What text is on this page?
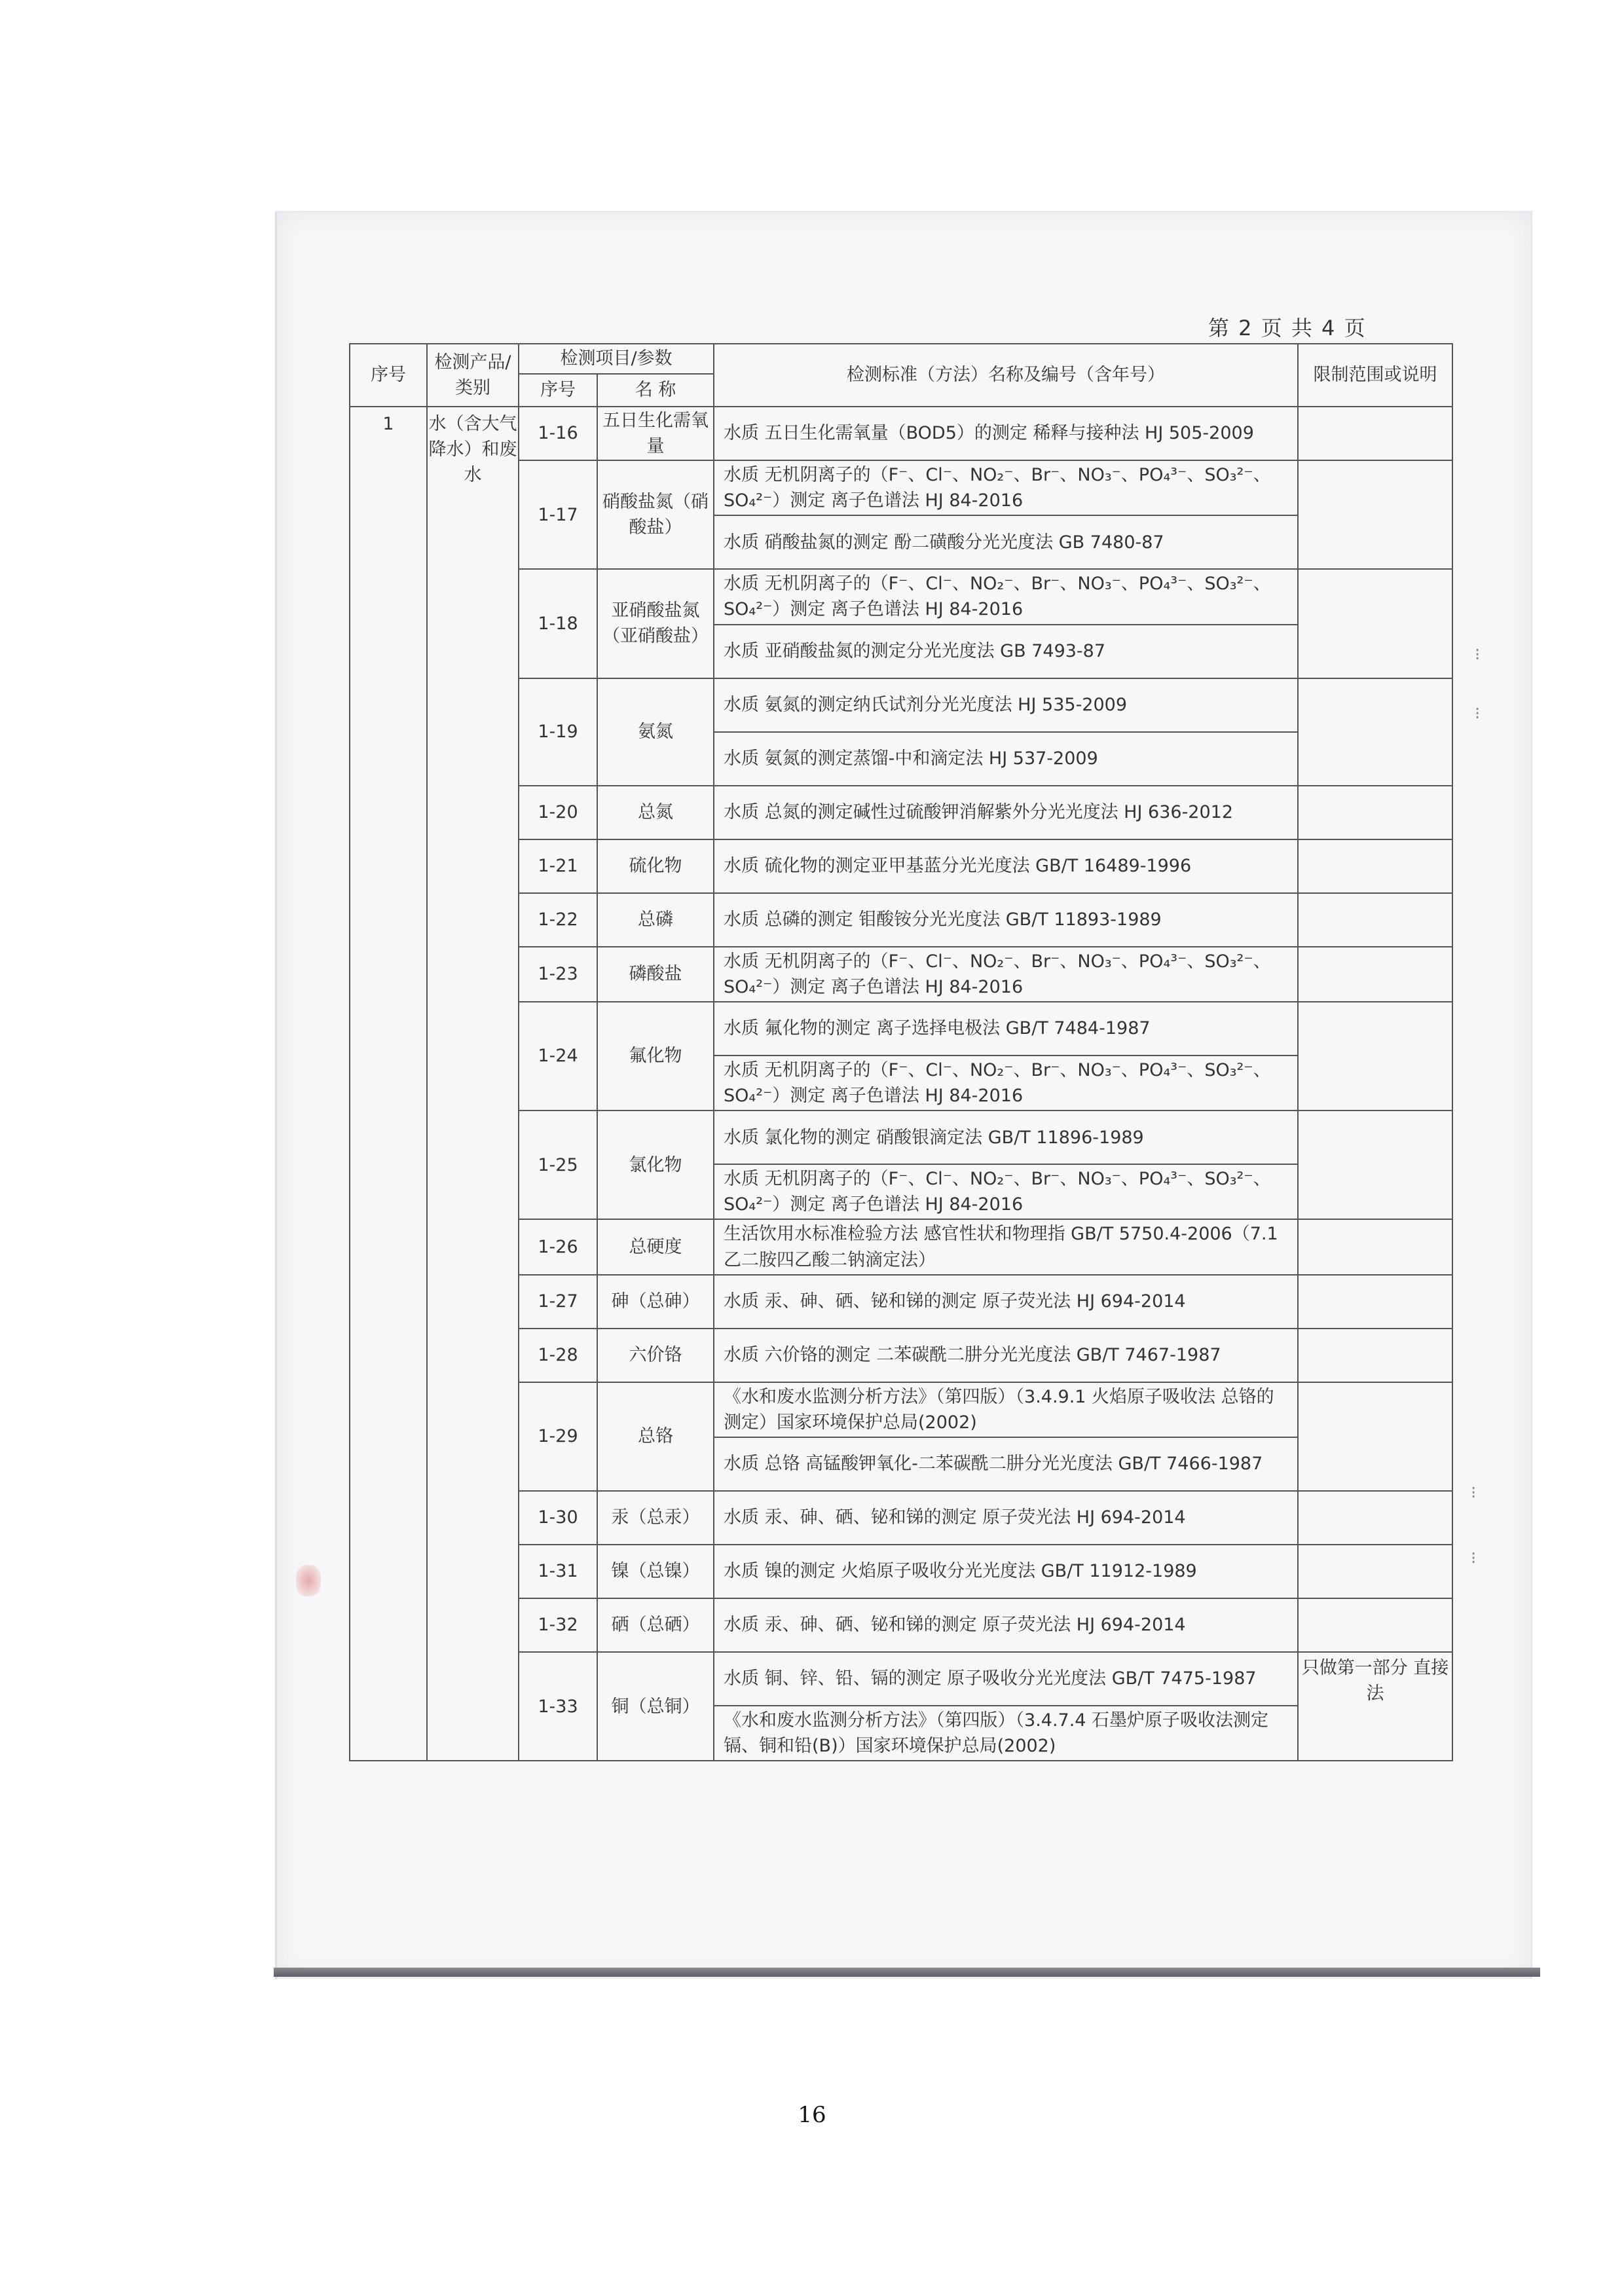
⁝
⁝
⁝
⁝
第 2 页 共 4 页
序号	检测产品/类别	检测项目/参数		检测标准（方法）名称及编号（含年号）	限制范围或说明
		序号	名 称		
1	水（含大气降水）和废水	1-16	五日生化需氧量	水质 五日生化需氧量（BOD5）的测定 稀释与接种法 HJ 505-2009	
		1-17	硝酸盐氮（硝酸盐）	水质 无机阴离子的（F⁻、Cl⁻、NO₂⁻、Br⁻、NO₃⁻、PO₄³⁻、SO₃²⁻、SO₄²⁻）测定 离子色谱法 HJ 84-2016	
				水质 硝酸盐氮的测定 酚二磺酸分光光度法 GB 7480-87	
		1-18	亚硝酸盐氮（亚硝酸盐）	水质 无机阴离子的（F⁻、Cl⁻、NO₂⁻、Br⁻、NO₃⁻、PO₄³⁻、SO₃²⁻、SO₄²⁻）测定 离子色谱法 HJ 84-2016	
				水质 亚硝酸盐氮的测定分光光度法 GB 7493-87	
		1-19	氨氮	水质 氨氮的测定纳氏试剂分光光度法 HJ 535-2009	
				水质 氨氮的测定蒸馏-中和滴定法 HJ 537-2009	
		1-20	总氮	水质 总氮的测定碱性过硫酸钾消解紫外分光光度法 HJ 636-2012	
		1-21	硫化物	水质 硫化物的测定亚甲基蓝分光光度法 GB/T 16489-1996	
		1-22	总磷	水质 总磷的测定 钼酸铵分光光度法 GB/T 11893-1989	
		1-23	磷酸盐	水质 无机阴离子的（F⁻、Cl⁻、NO₂⁻、Br⁻、NO₃⁻、PO₄³⁻、SO₃²⁻、SO₄²⁻）测定 离子色谱法 HJ 84-2016	
		1-24	氟化物	水质 氟化物的测定 离子选择电极法 GB/T 7484-1987	
				水质 无机阴离子的（F⁻、Cl⁻、NO₂⁻、Br⁻、NO₃⁻、PO₄³⁻、SO₃²⁻、SO₄²⁻）测定 离子色谱法 HJ 84-2016	
		1-25	氯化物	水质 氯化物的测定 硝酸银滴定法 GB/T 11896-1989	
				水质 无机阴离子的（F⁻、Cl⁻、NO₂⁻、Br⁻、NO₃⁻、PO₄³⁻、SO₃²⁻、SO₄²⁻）测定 离子色谱法 HJ 84-2016	
		1-26	总硬度	生活饮用水标准检验方法 感官性状和物理指 GB/T 5750.4-2006（7.1 乙二胺四乙酸二钠滴定法）	
		1-27	砷（总砷）	水质 汞、砷、硒、铋和锑的测定 原子荧光法 HJ 694-2014	
		1-28	六价铬	水质 六价铬的测定 二苯碳酰二肼分光光度法 GB/T 7467-1987	
		1-29	总铬	《水和废水监测分析方法》（第四版）（3.4.9.1 火焰原子吸收法 总铬的测定）国家环境保护总局(2002)	
				水质 总铬 高锰酸钾氧化-二苯碳酰二肼分光光度法 GB/T 7466-1987	
		1-30	汞（总汞）	水质 汞、砷、硒、铋和锑的测定 原子荧光法 HJ 694-2014	
		1-31	镍（总镍）	水质 镍的测定 火焰原子吸收分光光度法 GB/T 11912-1989	
		1-32	硒（总硒）	水质 汞、砷、硒、铋和锑的测定 原子荧光法 HJ 694-2014	
		1-33	铜（总铜）	水质 铜、锌、铅、镉的测定 原子吸收分光光度法 GB/T 7475-1987	只做第一部分 直接法
				《水和废水监测分析方法》（第四版）（3.4.7.4 石墨炉原子吸收法测定镉、铜和铅(B)）国家环境保护总局(2002)	
16
